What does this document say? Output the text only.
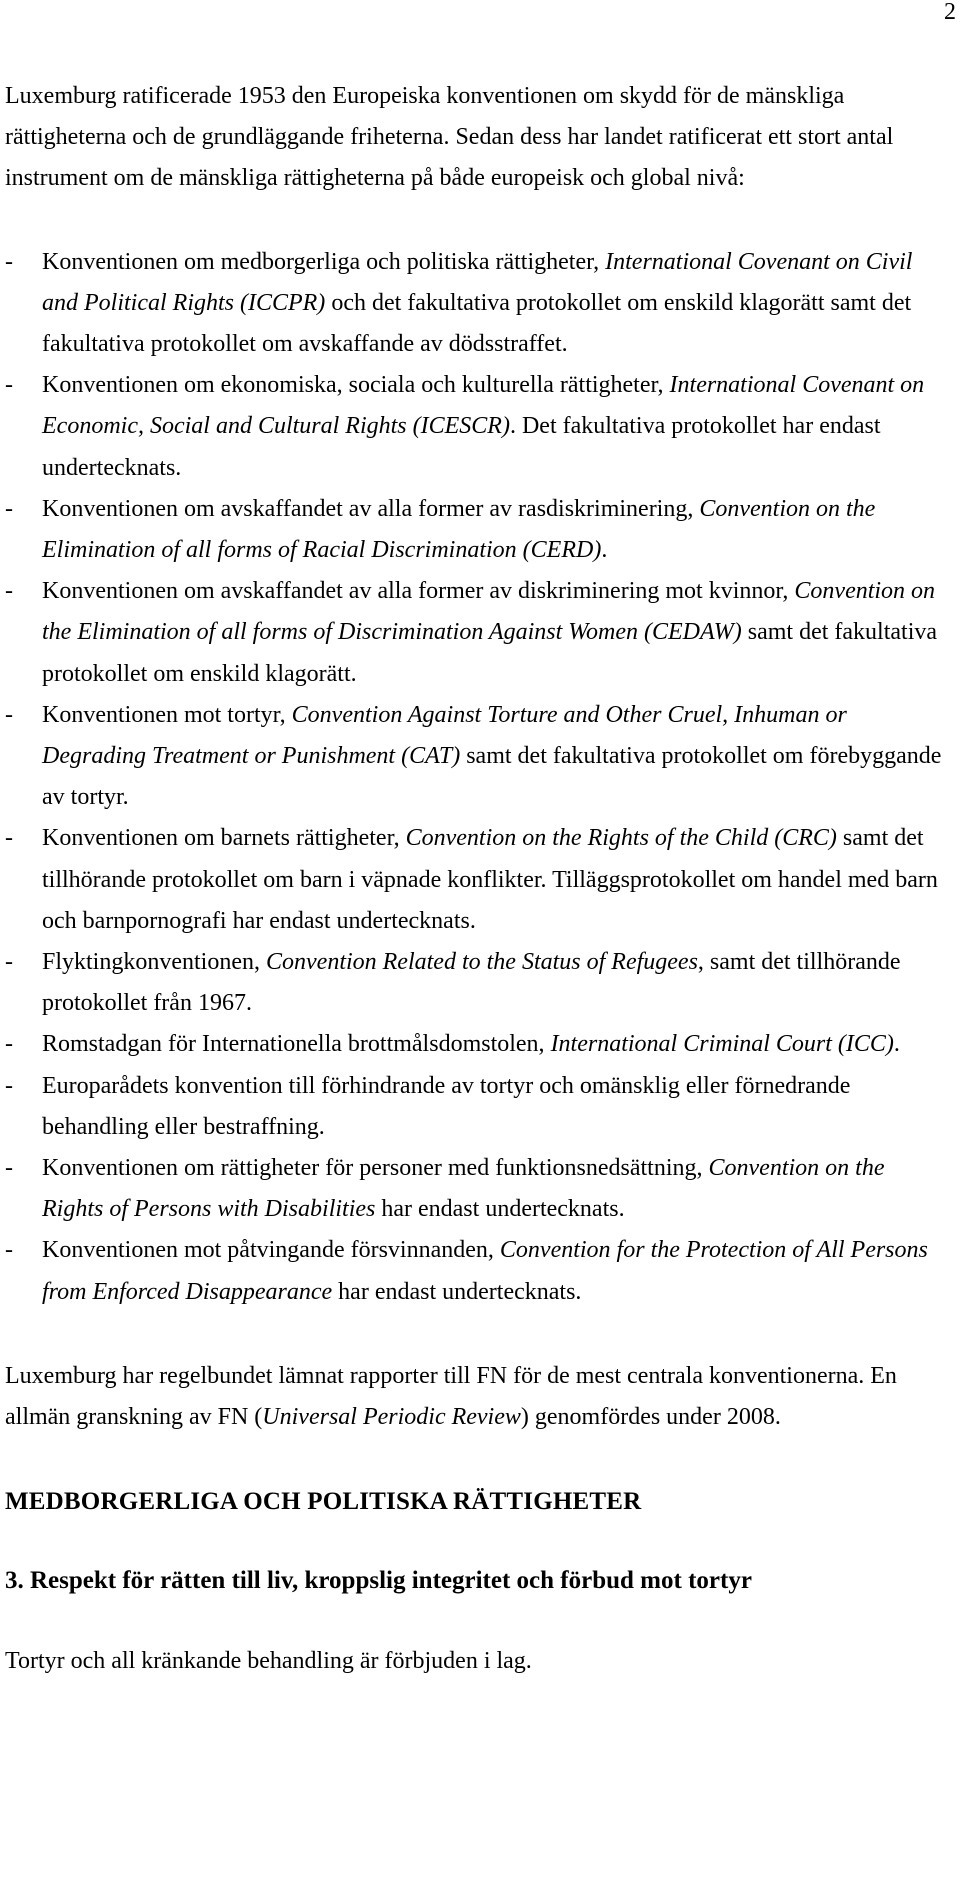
2

Luxemburg ratificerade 1953 den Europeiska konventionen om skydd för de mänskliga rättigheterna och de grundläggande friheterna. Sedan dess har landet ratificerat ett stort antal instrument om de mänskliga rättigheterna på både europeisk och global nivå:

- Konventionen om medborgerliga och politiska rättigheter, International Covenant on Civil and Political Rights (ICCPR) och det fakultativa protokollet om enskild klagorätt samt det fakultativa protokollet om avskaffande av dödsstraffet.
- Konventionen om ekonomiska, sociala och kulturella rättigheter, International Covenant on Economic, Social and Cultural Rights (ICESCR). Det fakultativa protokollet har endast undertecknats.
- Konventionen om avskaffandet av alla former av rasdiskriminering, Convention on the Elimination of all forms of Racial Discrimination (CERD).
- Konventionen om avskaffandet av alla former av diskriminering mot kvinnor, Convention on the Elimination of all forms of Discrimination Against Women (CEDAW) samt det fakultativa protokollet om enskild klagorätt.
- Konventionen mot tortyr, Convention Against Torture and Other Cruel, Inhuman or Degrading Treatment or Punishment (CAT) samt det fakultativa protokollet om förebyggande av tortyr.
- Konventionen om barnets rättigheter, Convention on the Rights of the Child (CRC) samt det tillhörande protokollet om barn i väpnade konflikter. Tilläggsprotokollet om handel med barn och barnpornografi har endast undertecknats.
- Flyktingkonventionen, Convention Related to the Status of Refugees, samt det tillhörande protokollet från 1967.
- Romstadgan för Internationella brottmålsdomstolen, International Criminal Court (ICC).
- Europarådets konvention till förhindrande av tortyr och omänsklig eller förnedrande behandling eller bestraffning.
- Konventionen om rättigheter för personer med funktionsnedsättning, Convention on the Rights of Persons with Disabilities har endast undertecknats.
- Konventionen mot påtvingande försvinnanden, Convention for the Protection of All Persons from Enforced Disappearance har endast undertecknats.

Luxemburg har regelbundet lämnat rapporter till FN för de mest centrala konventionerna. En allmän granskning av FN (Universal Periodic Review) genomfördes under 2008.

MEDBORGERLIGA OCH POLITISKA RÄTTIGHETER
3. Respekt för rätten till liv, kroppslig integritet och förbud mot tortyr

Tortyr och all kränkande behandling är förbjuden i lag.
